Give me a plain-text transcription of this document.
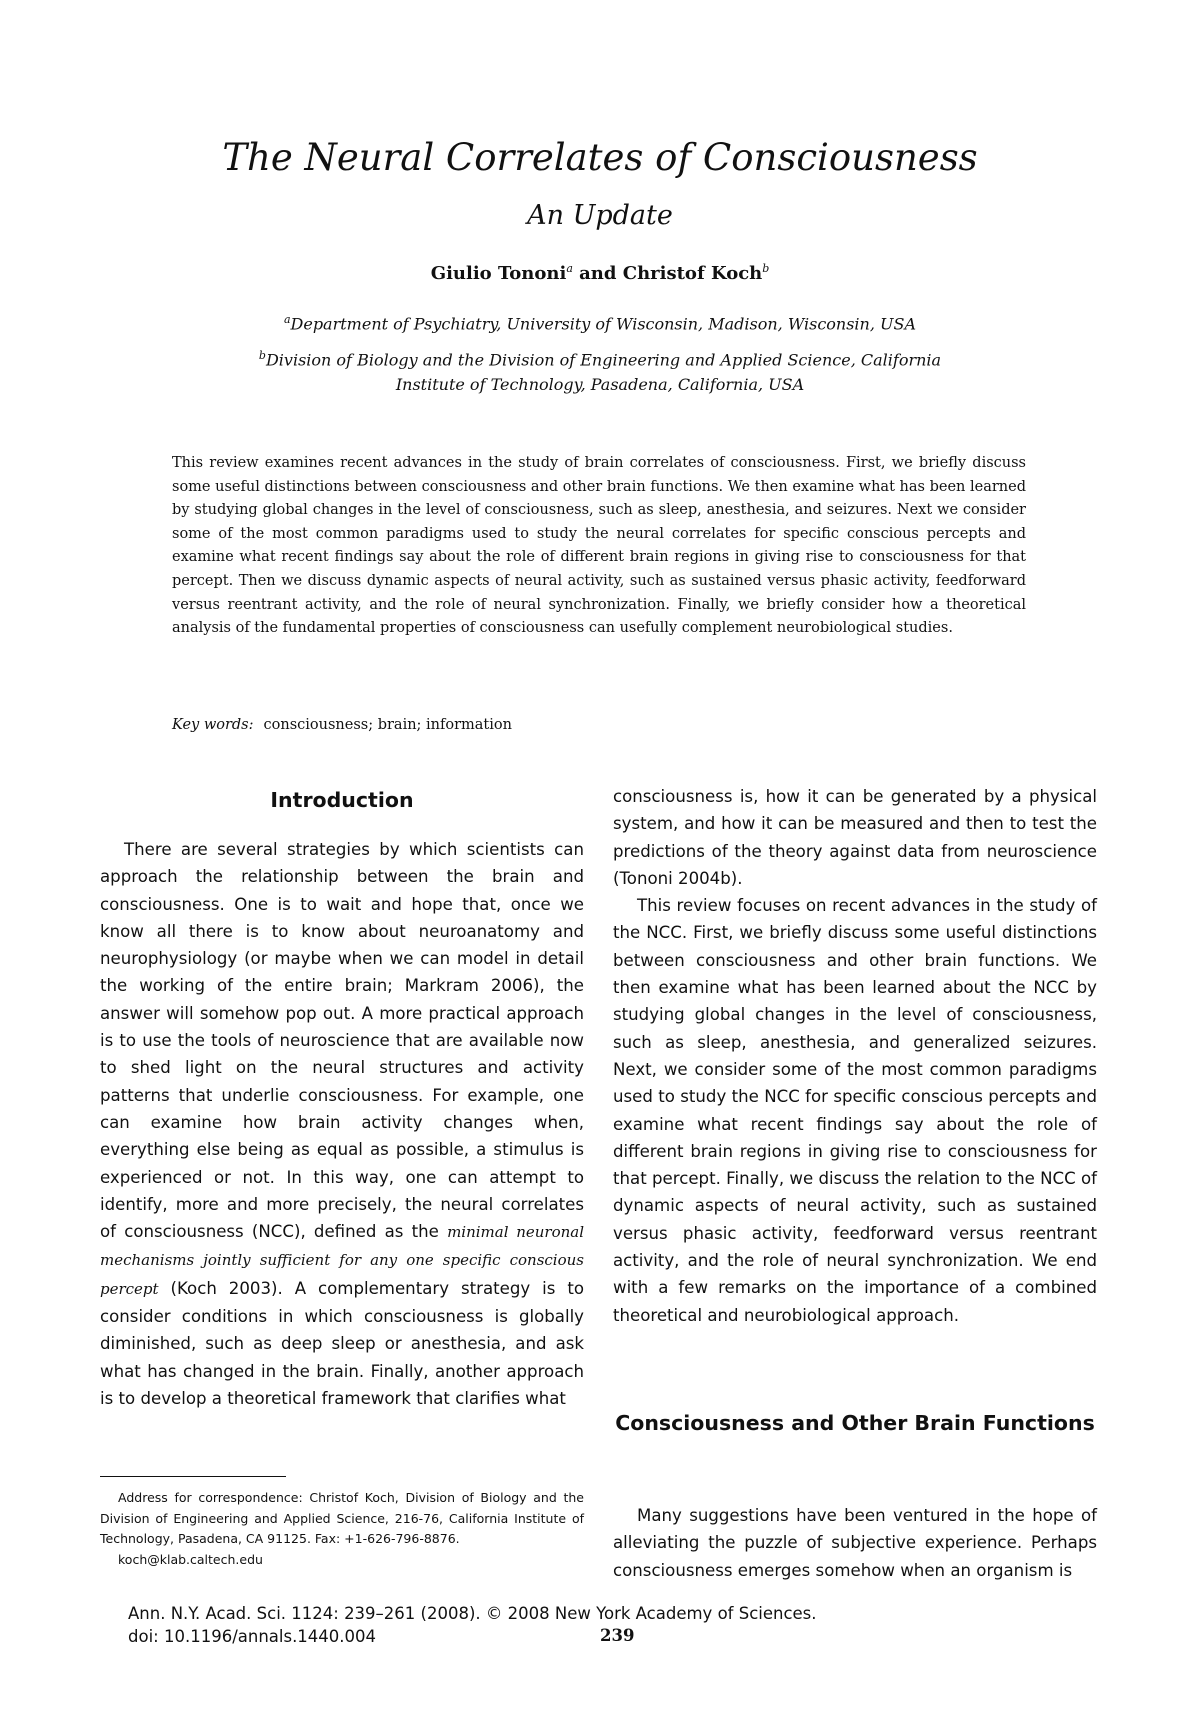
The Neural Correlates of Consciousness
An Update
Giulio Tononi$^a$ and Christof Koch$^b$
$^a$Department of Psychiatry, University of Wisconsin, Madison, Wisconsin, USA
$^b$Division of Biology and the Division of Engineering and Applied Science, California
Institute of Technology, Pasadena, California, USA

This review examines recent advances in the study of brain correlates of consciousness. First, we briefly discuss some useful distinctions between consciousness and other brain functions. We then examine what has been learned by studying global changes in the level of consciousness, such as sleep, anesthesia, and seizures. Next we consider some of the most common paradigms used to study the neural correlates for specific conscious percepts and examine what recent findings say about the role of different brain regions in giving rise to consciousness for that percept. Then we discuss dynamic aspects of neural activity, such as sustained versus phasic activity, feedforward versus reentrant activity, and the role of neural synchronization. Finally, we briefly consider how a theoretical analysis of the fundamental properties of consciousness can usefully complement neurobiological studies.

Key words: consciousness; brain; information
Introduction

There are several strategies by which scientists can approach the relationship between the brain and consciousness. One is to wait and hope that, once we know all there is to know about neuroanatomy and neurophysiology (or maybe when we can model in detail the working of the entire brain; Markram 2006), the answer will somehow pop out. A more practical approach is to use the tools of neuroscience that are available now to shed light on the neural structures and activity patterns that underlie consciousness. For example, one can examine how brain activity changes when, everything else being as equal as possible, a stimulus is experienced or not. In this way, one can attempt to identify, more and more precisely, the neural correlates of consciousness (NCC), defined as the minimal neuronal mechanisms jointly sufficient for any one specific conscious percept (Koch 2003). A complementary strategy is to consider conditions in which consciousness is globally diminished, such as deep sleep or anesthesia, and ask what has changed in the brain. Finally, another approach is to develop a theoretical framework that clarifies what

consciousness is, how it can be generated by a physical system, and how it can be measured and then to test the predictions of the theory against data from neuroscience (Tononi 2004b).

This review focuses on recent advances in the study of the NCC. First, we briefly discuss some useful distinctions between consciousness and other brain functions. We then examine what has been learned about the NCC by studying global changes in the level of consciousness, such as sleep, anesthesia, and generalized seizures. Next, we consider some of the most common paradigms used to study the NCC for specific conscious percepts and examine what recent findings say about the role of different brain regions in giving rise to consciousness for that percept. Finally, we discuss the relation to the NCC of dynamic aspects of neural activity, such as sustained versus phasic activity, feedforward versus reentrant activity, and the role of neural synchronization. We end with a few remarks on the importance of a combined theoretical and neurobiological approach.

Consciousness and Other Brain Functions

Many suggestions have been ventured in the hope of alleviating the puzzle of subjective experience. Perhaps consciousness emerges somehow when an organism is

Address for correspondence: Christof Koch, Division of Biology and the Division of Engineering and Applied Science, 216-76, California Institute of Technology, Pasadena, CA 91125. Fax: +1-626-796-8876.
koch@klab.caltech.edu
Ann. N.Y. Acad. Sci. 1124: 239–261 (2008). © 2008 New York Academy of Sciences.
doi: 10.1196/annals.1440.004	239
